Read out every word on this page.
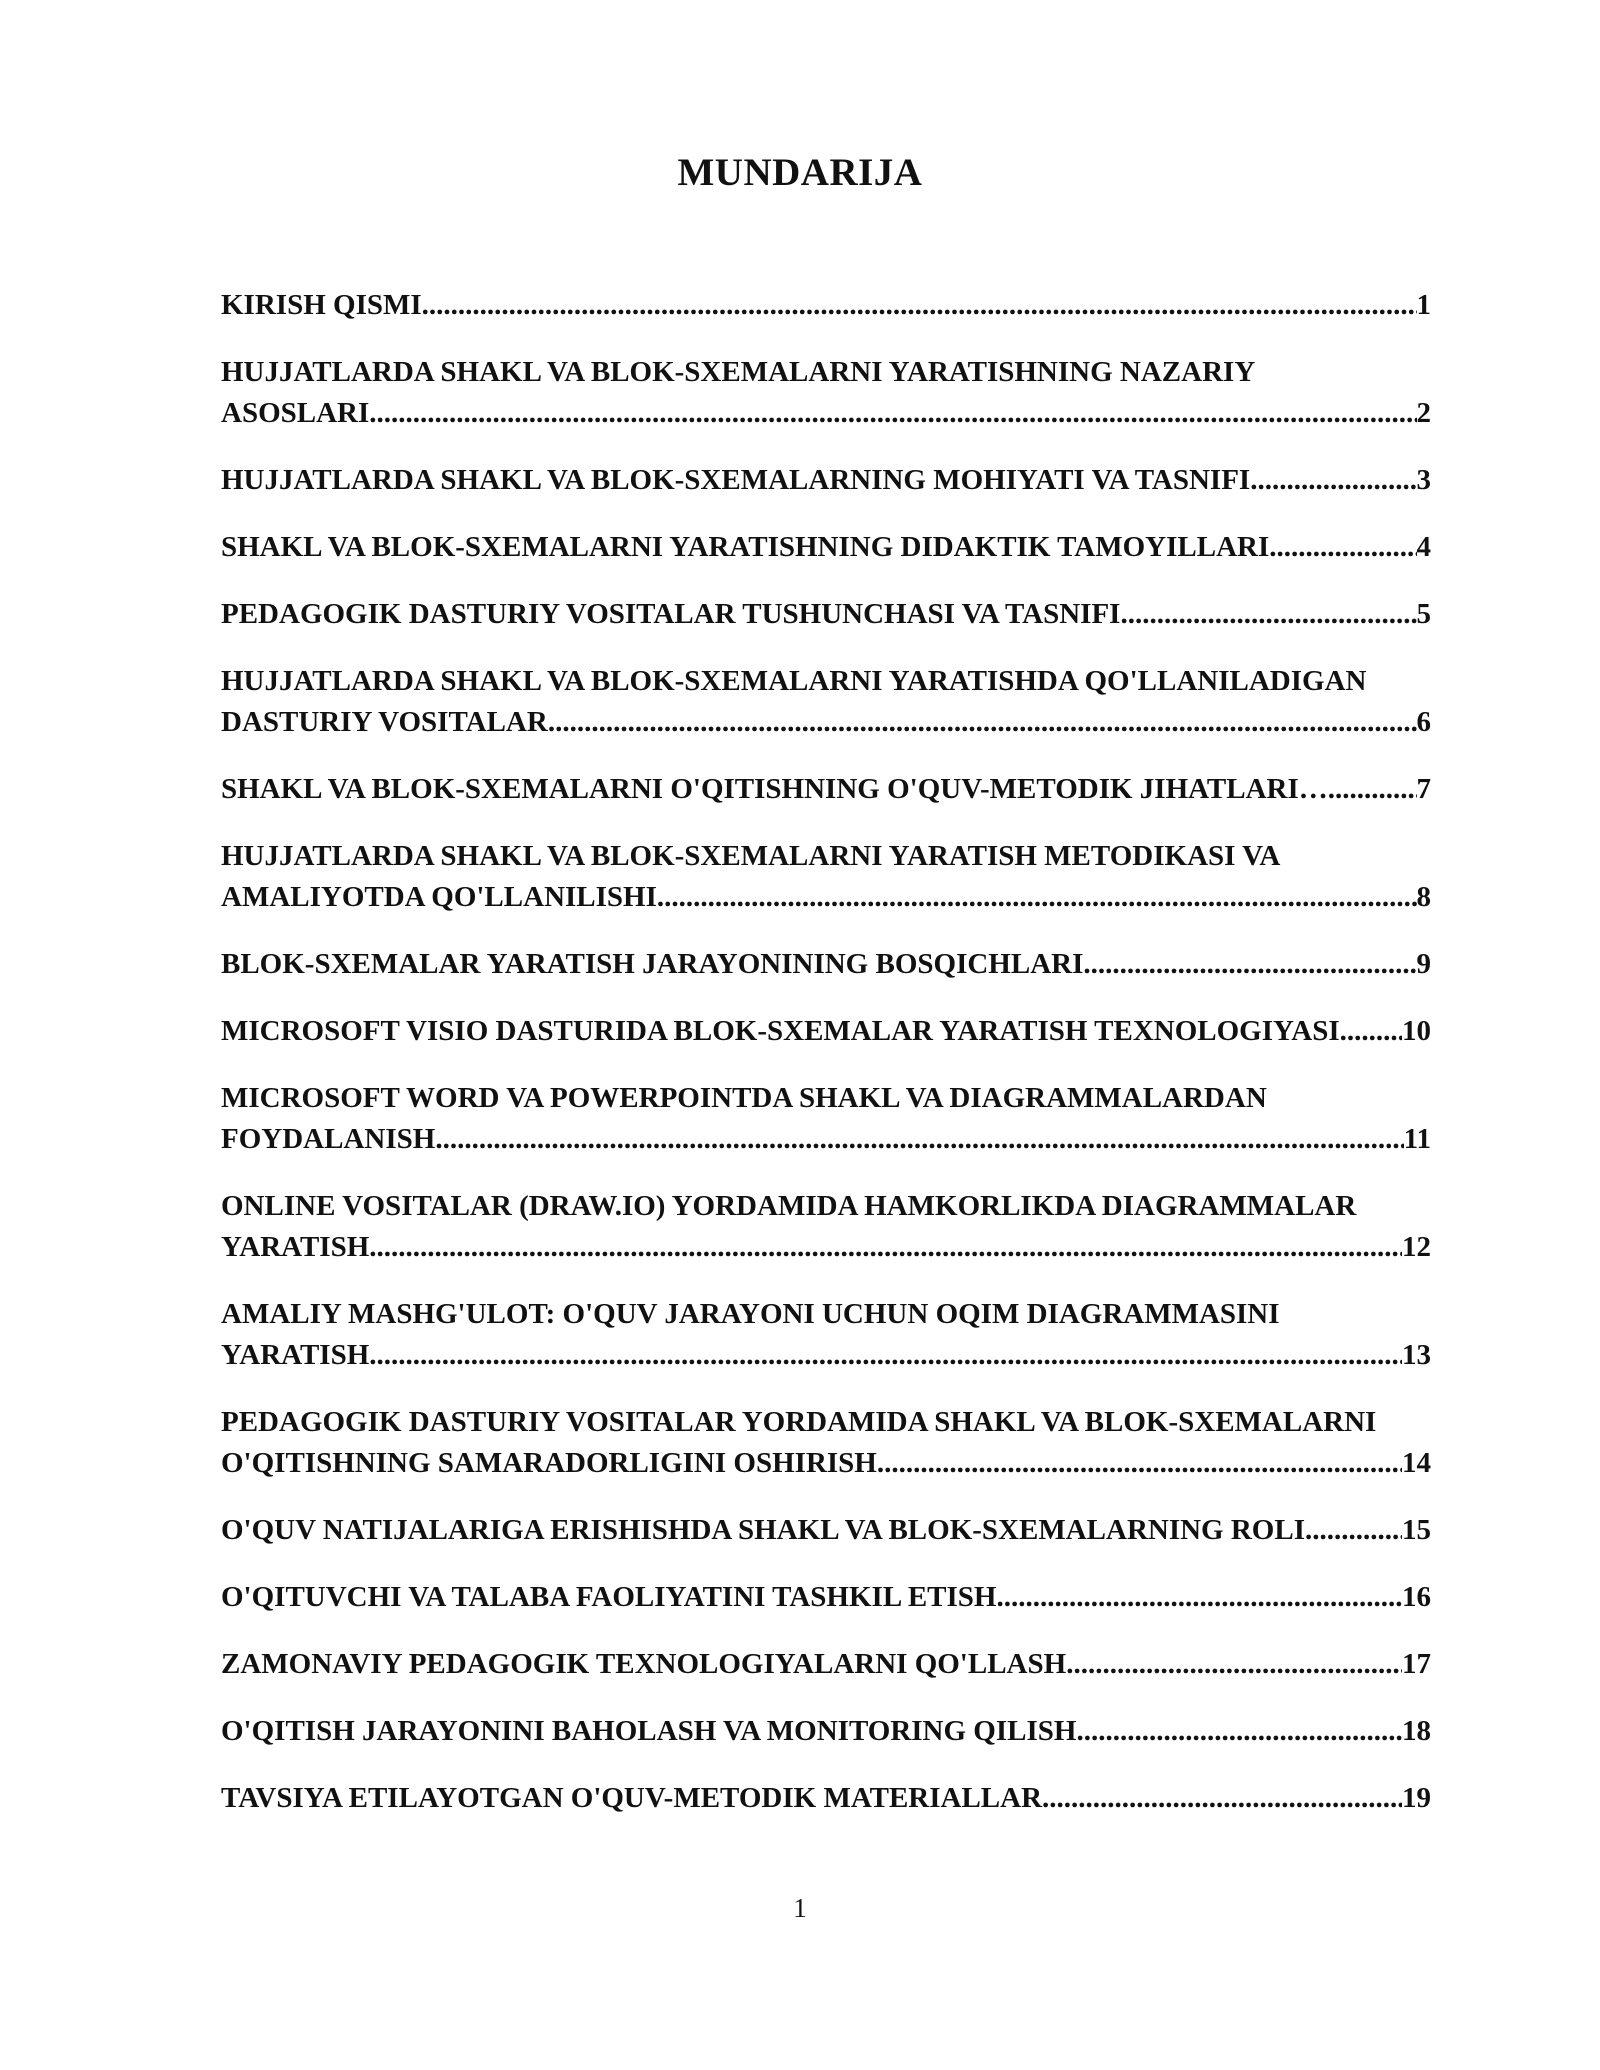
MUNDARIJA
KIRISH QISMI .....	1
HUJJATLARDA SHAKL VA BLOK-SXEMALARNI YARATISHNING NAZARIY
ASOSLARI .....	2
HUJJATLARDA SHAKL VA BLOK-SXEMALARNING MOHIYATI VA TASNIFI .....	3
SHAKL VA BLOK-SXEMALARNI YARATISHNING DIDAKTIK TAMOYILLARI .....	4
PEDAGOGIK DASTURIY VOSITALAR TUSHUNCHASI VA TASNIFI .....	5
HUJJATLARDA SHAKL VA BLOK-SXEMALARNI YARATISHDA QO'LLANILADIGAN
DASTURIY VOSITALAR .....	6
SHAKL VA BLOK-SXEMALARNI O'QITISHNING O'QUV-METODIK JIHATLARI… .....	7
HUJJATLARDA SHAKL VA BLOK-SXEMALARNI YARATISH METODIKASI VA
AMALIYOTDA QO'LLANILISHI .....	8
BLOK-SXEMALAR YARATISH JARAYONINING BOSQICHLARI .....	9
MICROSOFT VISIO DASTURIDA BLOK-SXEMALAR YARATISH TEXNOLOGIYASI ..... 10
MICROSOFT WORD VA POWERPOINTDA SHAKL VA DIAGRAMMALARDAN
FOYDALANISH .....	11
ONLINE VOSITALAR (DRAW.IO) YORDAMIDA HAMKORLIKDA DIAGRAMMALAR
YARATISH .....	12
AMALIY MASHG'ULOT: O'QUV JARAYONI UCHUN OQIM DIAGRAMMASINI
YARATISH .....	13
PEDAGOGIK DASTURIY VOSITALAR YORDAMIDA SHAKL VA BLOK-SXEMALARNI
O'QITISHNING SAMARADORLIGINI OSHIRISH .....	14
O'QUV NATIJALARIGA ERISHISHDA SHAKL VA BLOK-SXEMALARNING ROLI .....	15
O'QITUVCHI VA TALABA FAOLIYATINI TASHKIL ETISH .....	16
ZAMONAVIY PEDAGOGIK TEXNOLOGIYALARNI QO'LLASH .....	17
O'QITISH JARAYONINI BAHOLASH VA MONITORING QILISH .....	18
TAVSIYA ETILAYOTGAN O'QUV-METODIK MATERIALLAR .....	19
1
